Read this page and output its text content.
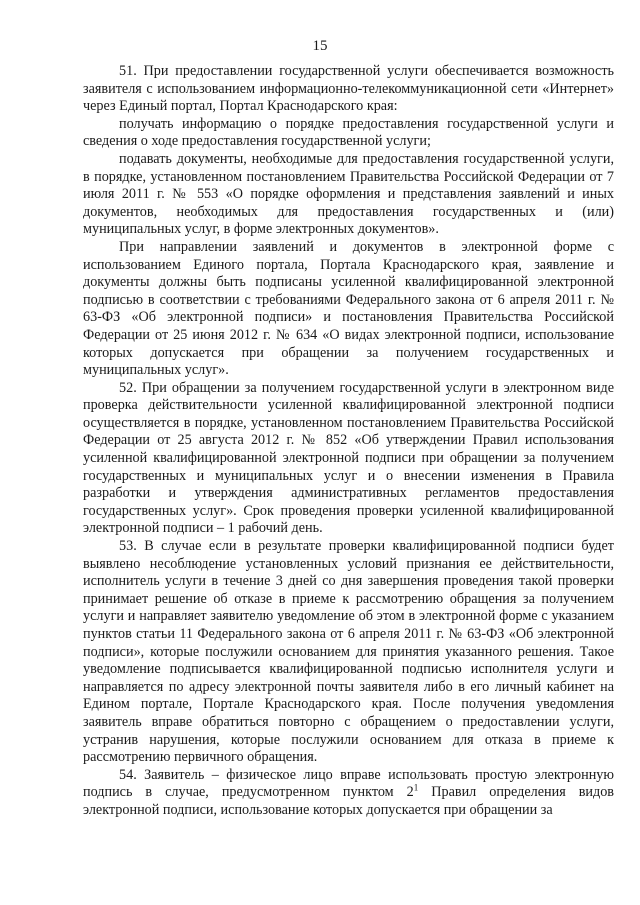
15

51. При предоставлении государственной услуги обеспечивается возможность заявителя с использованием информационно-телекоммуникационной сети «Интернет» через Единый портал, Портал Краснодарского края:

получать информацию о порядке предоставления государственной услуги и сведения о ходе предоставления государственной услуги;

подавать документы, необходимые для предоставления государственной услуги, в порядке, установленном постановлением Правительства Российской Федерации от 7 июля 2011 г. № 553 «О порядке оформления и представления заявлений и иных документов, необходимых для предоставления государственных и (или) муниципальных услуг, в форме электронных документов».

При направлении заявлений и документов в электронной форме с использованием Единого портала, Портала Краснодарского края, заявление и документы должны быть подписаны усиленной квалифицированной электронной подписью в соответствии с требованиями Федерального закона от 6 апреля 2011 г. № 63-ФЗ «Об электронной подписи» и постановления Правительства Российской Федерации от 25 июня 2012 г. № 634 «О видах электронной подписи, использование которых допускается при обращении за получением государственных и муниципальных услуг».

52. При обращении за получением государственной услуги в электронном виде проверка действительности усиленной квалифицированной электронной подписи осуществляется в порядке, установленном постановлением Правительства Российской Федерации от 25 августа 2012 г. № 852 «Об утверждении Правил использования усиленной квалифицированной электронной подписи при обращении за получением государственных и муниципальных услуг и о внесении изменения в Правила разработки и утверждения административных регламентов предоставления государственных услуг». Срок проведения проверки усиленной квалифицированной электронной подписи – 1 рабочий день.

53. В случае если в результате проверки квалифицированной подписи будет выявлено несоблюдение установленных условий признания ее действительности, исполнитель услуги в течение 3 дней со дня завершения проведения такой проверки принимает решение об отказе в приеме к рассмотрению обращения за получением услуги и направляет заявителю уведомление об этом в электронной форме с указанием пунктов статьи 11 Федерального закона от 6 апреля 2011 г. № 63-ФЗ «Об электронной подписи», которые послужили основанием для принятия указанного решения. Такое уведомление подписывается квалифицированной подписью исполнителя услуги и направляется по адресу электронной почты заявителя либо в его личный кабинет на Едином портале, Портале Краснодарского края. После получения уведомления заявитель вправе обратиться повторно с обращением о предоставлении услуги, устранив нарушения, которые послужили основанием для отказа в приеме к рассмотрению первичного обращения.

54. Заявитель – физическое лицо вправе использовать простую электронную подпись в случае, предусмотренном пунктом $2^1$ Правил определения видов электронной подписи, использование которых допускается при обращении за
